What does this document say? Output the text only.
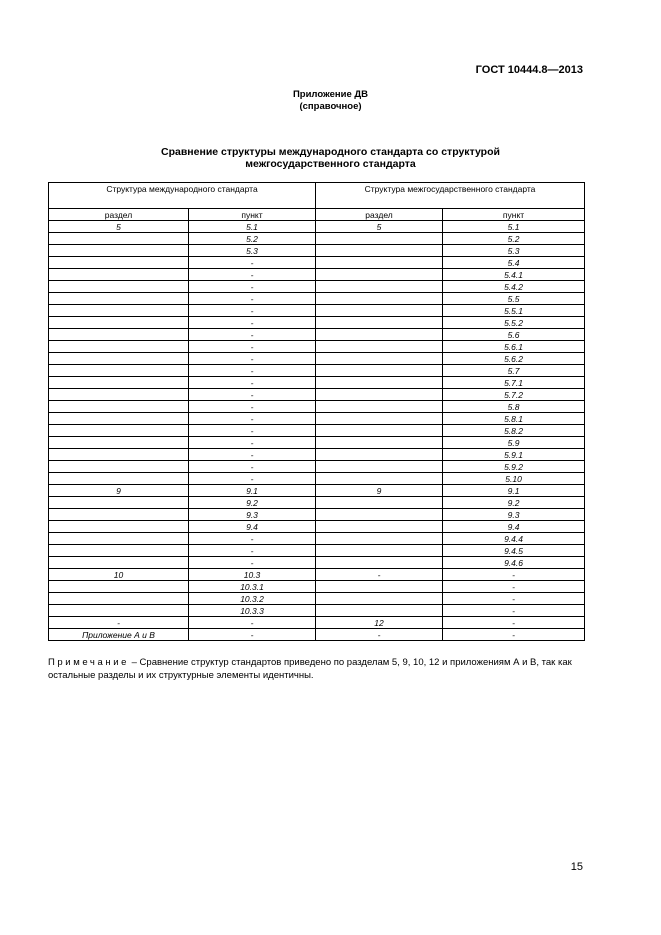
ГОСТ 10444.8—2013
Приложение ДВ
(справочное)
Сравнение структуры международного стандарта со структурой
межгосударственного стандарта
Структура международного стандарта		Структура межгосударственного стандарта	
раздел	пункт	раздел	пункт
5	5.1	5	5.1
	5.2		5.2
	5.3		5.3
	-		5.4
	-		5.4.1
	-		5.4.2
	-		5.5
	-		5.5.1
	-		5.5.2
	-		5.6
	-		5.6.1
	-		5.6.2
	-		5.7
	-		5.7.1
	-		5.7.2
	-		5.8
	-		5.8.1
	-		5.8.2
	-		5.9
	-		5.9.1
	-		5.9.2
	-		5.10
9	9.1	9	9.1
	9.2		9.2
	9.3		9.3
	9.4		9.4
	-		9.4.4
	-		9.4.5
	-		9.4.6
10	10.3	-	-
	10.3.1		-
	10.3.2		-
	10.3.3		-
-	-	12	-
Приложение А и В	-	-	-
Примечание – Сравнение структур стандартов приведено по разделам 5, 9, 10, 12 и приложениям А и В, так как остальные разделы и их структурные элементы идентичны.
15
